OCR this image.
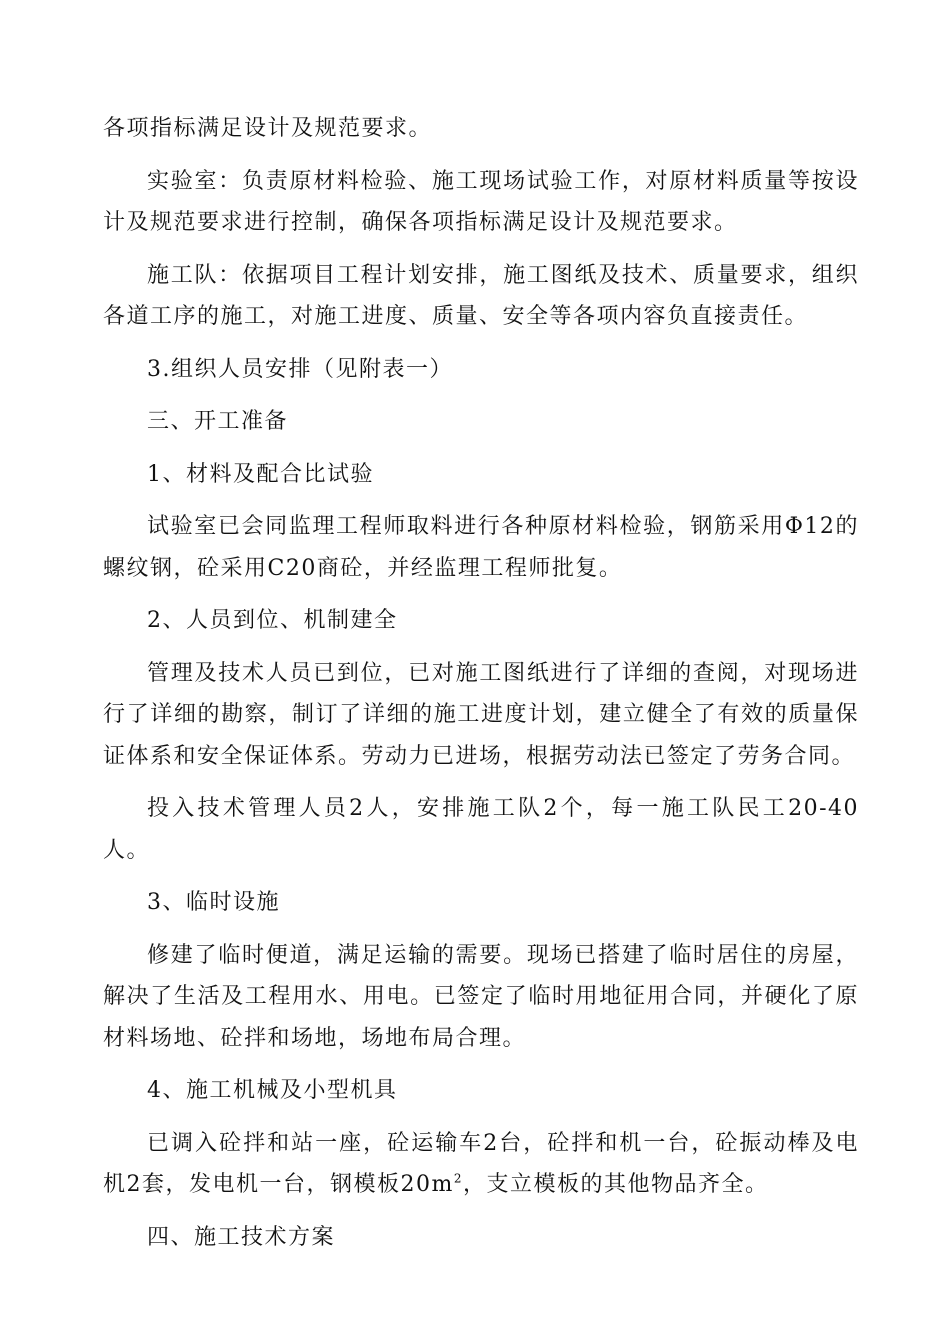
各项指标满足设计及规范要求。

实验室：负责原材料检验、施工现场试验工作，对原材料质量等按设计及规范要求进行控制，确保各项指标满足设计及规范要求。

施工队：依据项目工程计划安排，施工图纸及技术、质量要求，组织各道工序的施工，对施工进度、质量、安全等各项内容负直接责任。

3.组织人员安排（见附表一）

三、开工准备

1、材料及配合比试验

试验室已会同监理工程师取料进行各种原材料检验，钢筋采用Φ12的螺纹钢，砼采用C20商砼，并经监理工程师批复。

2、人员到位、机制建全

管理及技术人员已到位，已对施工图纸进行了详细的查阅，对现场进行了详细的勘察，制订了详细的施工进度计划，建立健全了有效的质量保证体系和安全保证体系。劳动力已进场，根据劳动法已签定了劳务合同。

投入技术管理人员2人，安排施工队2个，每一施工队民工20-40人。

3、临时设施

修建了临时便道，满足运输的需要。现场已搭建了临时居住的房屋，解决了生活及工程用水、用电。已签定了临时用地征用合同，并硬化了原材料场地、砼拌和场地，场地布局合理。

4、施工机械及小型机具

已调入砼拌和站一座，砼运输车2台，砼拌和机一台，砼振动棒及电机2套，发电机一台，钢模板$20m^2$，支立模板的其他物品齐全。

四、施工技术方案
